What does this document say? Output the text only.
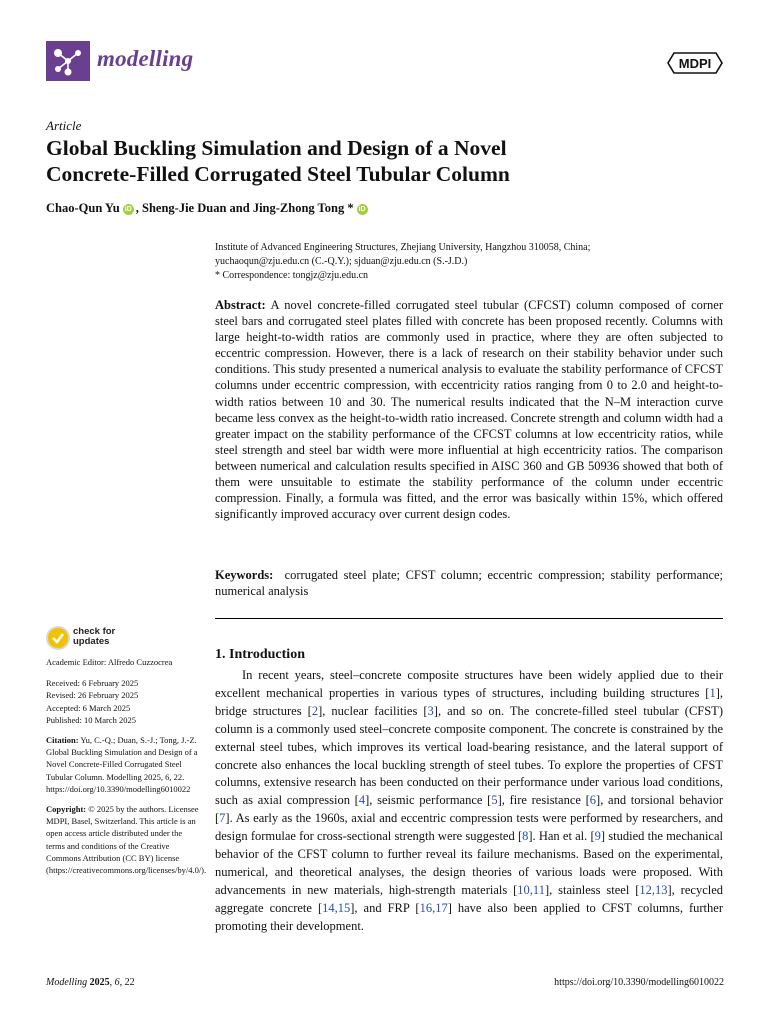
modelling	MDPI
Article
Global Buckling Simulation and Design of a Novel
Concrete-Filled Corrugated Steel Tubular Column
Chao-Qun Yu iD , Sheng-Jie Duan and Jing-Zhong Tong * iD
Institute of Advanced Engineering Structures, Zhejiang University, Hangzhou 310058, China;
yuchaoqun@zju.edu.cn (C.-Q.Y.); sjduan@zju.edu.cn (S.-J.D.)
* Correspondence: tongjz@zju.edu.cn

Abstract: A novel concrete-filled corrugated steel tubular (CFCST) column composed of corner steel bars and corrugated steel plates filled with concrete has been proposed recently. Columns with large height-to-width ratios are commonly used in practice, where they are often subjected to eccentric compression. However, there is a lack of research on their stability behavior under such conditions. This study presented a numerical analysis to evaluate the stability performance of CFCST columns under eccentric compression, with eccentricity ratios ranging from 0 to 2.0 and height-to-width ratios between 10 and 30. The numerical results indicated that the N–M interaction curve became less convex as the height-to-width ratio increased. Concrete strength and column width had a greater impact on the stability performance of the CFCST columns at low eccentricity ratios, while steel strength and steel bar width were more influential at high eccentricity ratios. The comparison between numerical and calculation results specified in AISC 360 and GB 50936 showed that both of them were unsuitable to estimate the stability performance of the column under eccentric compression. Finally, a formula was fitted, and the error was basically within 15%, which offered significantly improved accuracy over current design codes.

Keywords: corrugated steel plate; CFST column; eccentric compression; stability performance; numerical analysis

check for
updates
Academic Editor: Alfredo Cuzzocrea
Received: 6 February 2025
Revised: 26 February 2025
Accepted: 6 March 2025
Published: 10 March 2025
Citation: Yu, C.-Q.; Duan, S.-J.; Tong, J.-Z. Global Buckling Simulation and Design of a Novel Concrete-Filled Corrugated Steel Tubular Column. Modelling 2025, 6, 22. https://doi.org/10.3390/modelling6010022
Copyright: © 2025 by the authors. Licensee MDPI, Basel, Switzerland. This article is an open access article distributed under the terms and conditions of the Creative Commons Attribution (CC BY) license (https://creativecommons.org/licenses/by/4.0/).
1. Introduction

In recent years, steel–concrete composite structures have been widely applied due to their excellent mechanical properties in various types of structures, including building structures [1], bridge structures [2], nuclear facilities [3], and so on. The concrete-filled steel tubular (CFST) column is a commonly used steel–concrete composite component. The concrete is constrained by the external steel tubes, which improves its vertical load-bearing resistance, and the lateral support of concrete also enhances the local buckling strength of steel tubes. To explore the properties of CFST columns, extensive research has been conducted on their performance under various load conditions, such as axial compression [4], seismic performance [5], fire resistance [6], and torsional behavior [7]. As early as the 1960s, axial and eccentric compression tests were performed by researchers, and design formulae for cross-sectional strength were suggested [8]. Han et al. [9] studied the mechanical behavior of the CFST column to further reveal its failure mechanisms. Based on the experimental, numerical, and theoretical analyses, the design theories of various loads were proposed. With advancements in new materials, high-strength materials [10,11], stainless steel [12,13], recycled aggregate concrete [14,15], and FRP [16,17] have also been applied to CFST columns, further promoting their development.

Modelling 2025, 6, 22	https://doi.org/10.3390/modelling6010022
